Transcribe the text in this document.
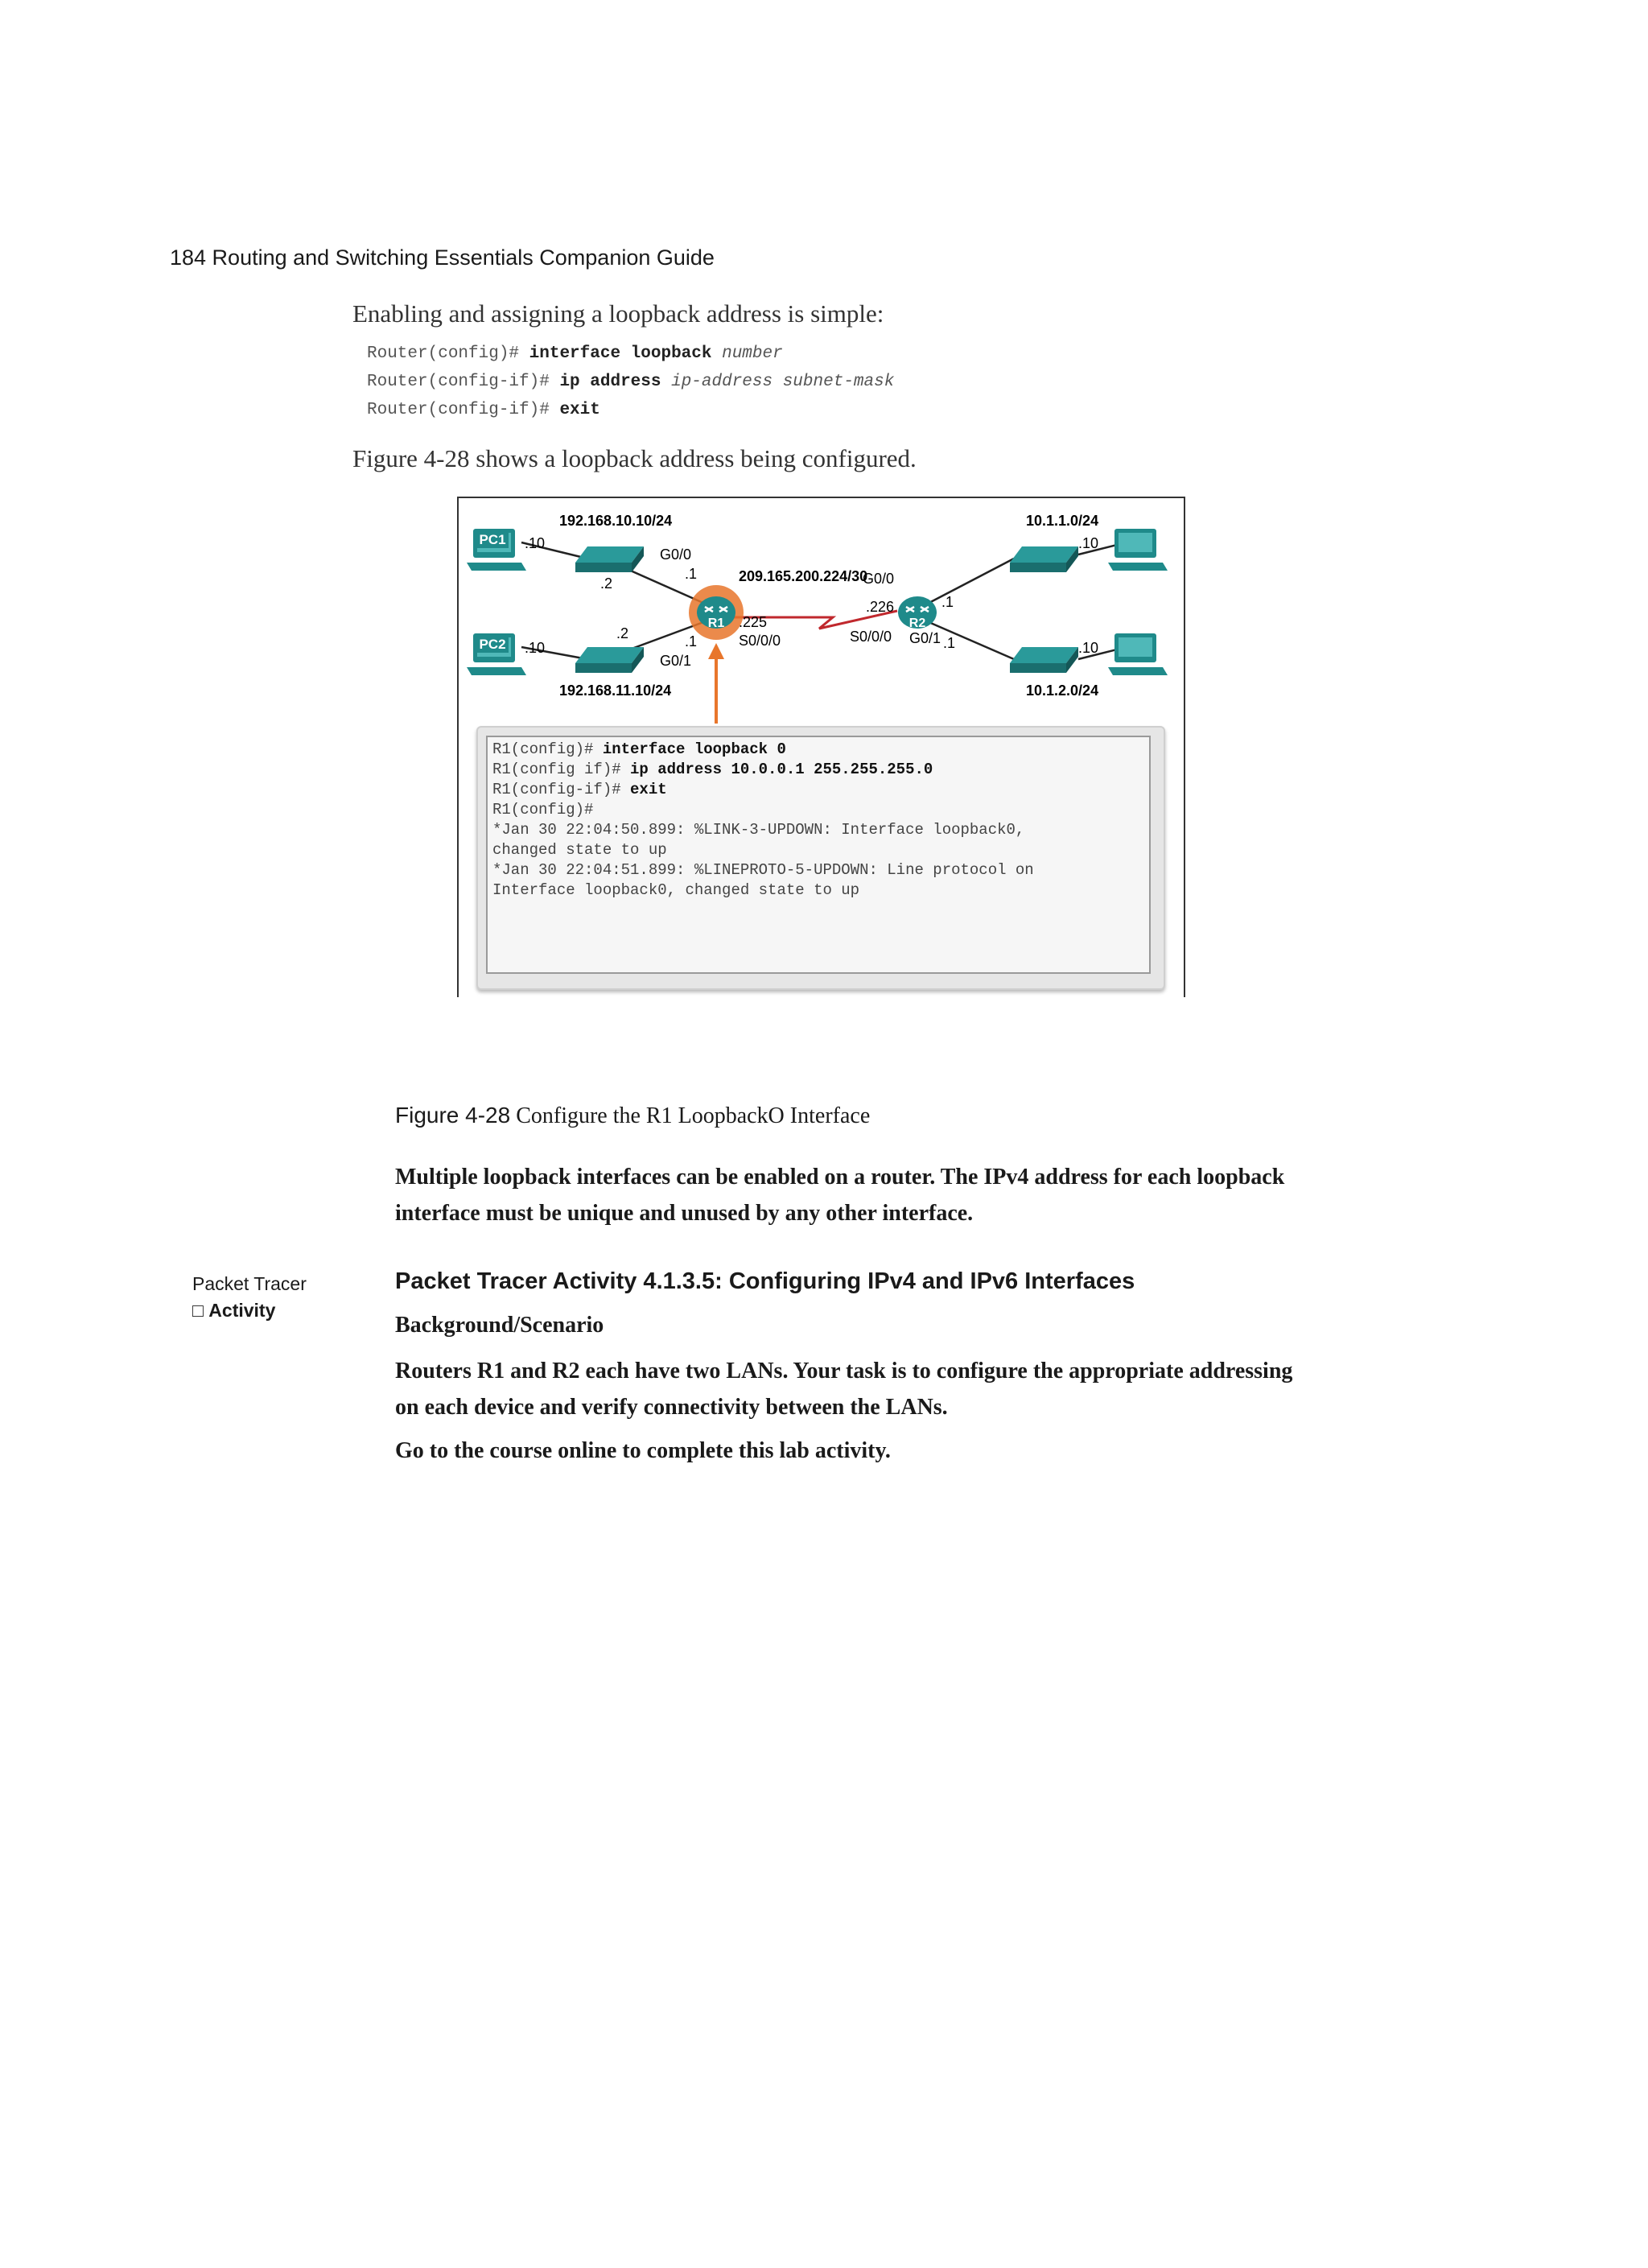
184 Routing and Switching Essentials Companion Guide
Enabling and assigning a loopback address is simple:
Router(config)# interface loopback number
Router(config-if)# ip address ip-address subnet-mask
Router(config-if)# exit
Figure 4-28 shows a loopback address being configured.
PC1
PC2
R1	R2
192.168.10.10/24
192.168.11.10/24
10.1.1.0/24
10.1.2.0/24
209.165.200.224/30
.10
.10
.2
.2
G0/0
.1
.1
G0/1
.225
S0/0/0
G0/0
.226
S0/0/0 G0/1
.1
.1
.10
.10
R1(config)# interface loopback 0
R1(config if)# ip address 10.0.0.1 255.255.255.0
R1(config-if)# exit
R1(config)#
*Jan 30 22:04:50.899: %LINK-3-UPDOWN: Interface loopback0,
changed state to up
*Jan 30 22:04:51.899: %LINEPROTO-5-UPDOWN: Line protocol on
Interface loopback0, changed state to up
Figure 4-28 Configure the R1 LoopbackO Interface
Multiple loopback interfaces can be enabled on a router. The IPv4 address for each loopback
interface must be unique and unused by any other interface.
Packet Tracer
□ Activity
Packet Tracer Activity 4.1.3.5: Configuring IPv4 and IPv6 Interfaces
Background/Scenario
Routers R1 and R2 each have two LANs. Your task is to configure the appropriate addressing
on each device and verify connectivity between the LANs.
Go to the course online to complete this lab activity.
